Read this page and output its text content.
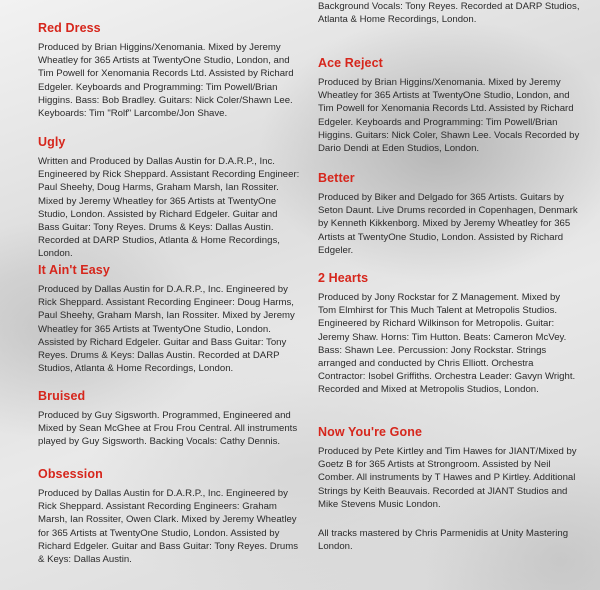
Red Dress

Produced by Brian Higgins/Xenomania. Mixed by Jeremy Wheatley for 365 Artists at TwentyOne Studio, London, and Tim Powell for Xenomania Records Ltd. Assisted by Richard Edgeler. Keyboards and Programming: Tim Powell/Brian Higgins. Bass: Bob Bradley. Guitars: Nick Coler/Shawn Lee. Keyboards: Tim "Rolf" Larcombe/Jon Shave.

Ugly

Written and Produced by Dallas Austin for D.A.R.P., Inc. Engineered by Rick Sheppard. Assistant Recording Engineer: Paul Sheehy, Doug Harms, Graham Marsh, Ian Rossiter. Mixed by Jeremy Wheatley for 365 Artists at TwentyOne Studio, London. Assisted by Richard Edgeler. Guitar and Bass Guitar: Tony Reyes. Drums & Keys: Dallas Austin. Recorded at DARP Studios, Atlanta & Home Recordings, London.

It Ain't Easy

Produced by Dallas Austin for D.A.R.P., Inc. Engineered by Rick Sheppard. Assistant Recording Engineer: Doug Harms, Paul Sheehy, Graham Marsh, Ian Rossiter. Mixed by Jeremy Wheatley for 365 Artists at TwentyOne Studio, London. Assisted by Richard Edgeler. Guitar and Bass Guitar: Tony Reyes. Drums & Keys: Dallas Austin. Recorded at DARP Studios, Atlanta & Home Recordings, London.

Bruised

Produced by Guy Sigsworth. Programmed, Engineered and Mixed by Sean McGhee at Frou Frou Central. All instruments played by Guy Sigsworth. Backing Vocals: Cathy Dennis.

Obsession

Produced by Dallas Austin for D.A.R.P., Inc. Engineered by Rick Sheppard. Assistant Recording Engineers: Graham Marsh, Ian Rossiter, Owen Clark. Mixed by Jeremy Wheatley for 365 Artists at TwentyOne Studio, London. Assisted by Richard Edgeler. Guitar and Bass Guitar: Tony Reyes. Drums & Keys: Dallas Austin.

Background Vocals: Tony Reyes. Recorded at DARP Studios, Atlanta & Home Recordings, London.

Ace Reject

Produced by Brian Higgins/Xenomania. Mixed by Jeremy Wheatley for 365 Artists at TwentyOne Studio, London, and Tim Powell for Xenomania Records Ltd. Assisted by Richard Edgeler. Keyboards and Programming: Tim Powell/Brian Higgins. Guitars: Nick Coler, Shawn Lee. Vocals Recorded by Dario Dendi at Eden Studios, London.

Better

Produced by Biker and Delgado for 365 Artists. Guitars by Seton Daunt. Live Drums recorded in Copenhagen, Denmark by Kenneth Kikkenborg. Mixed by Jeremy Wheatley for 365 Artists at TwentyOne Studio, London. Assisted by Richard Edgeler.

2 Hearts

Produced by Jony Rockstar for Z Management. Mixed by Tom Elmhirst for This Much Talent at Metropolis Studios. Engineered by Richard Wilkinson for Metropolis. Guitar: Jeremy Shaw. Horns: Tim Hutton. Beats: Cameron McVey. Bass: Shawn Lee. Percussion: Jony Rockstar. Strings arranged and conducted by Chris Elliott. Orchestra Contractor: Isobel Griffiths. Orchestra Leader: Gavyn Wright. Recorded and Mixed at Metropolis Studios, London.

Now You're Gone

Produced by Pete Kirtley and Tim Hawes for JIANT/Mixed by Goetz B for 365 Artists at Strongroom. Assisted by Neil Comber. All instruments by T Hawes and P Kirtley. Additional Strings by Keith Beauvais. Recorded at JIANT Studios and Mike Stevens Music London.

All tracks mastered by Chris Parmenidis at Unity Mastering London.
